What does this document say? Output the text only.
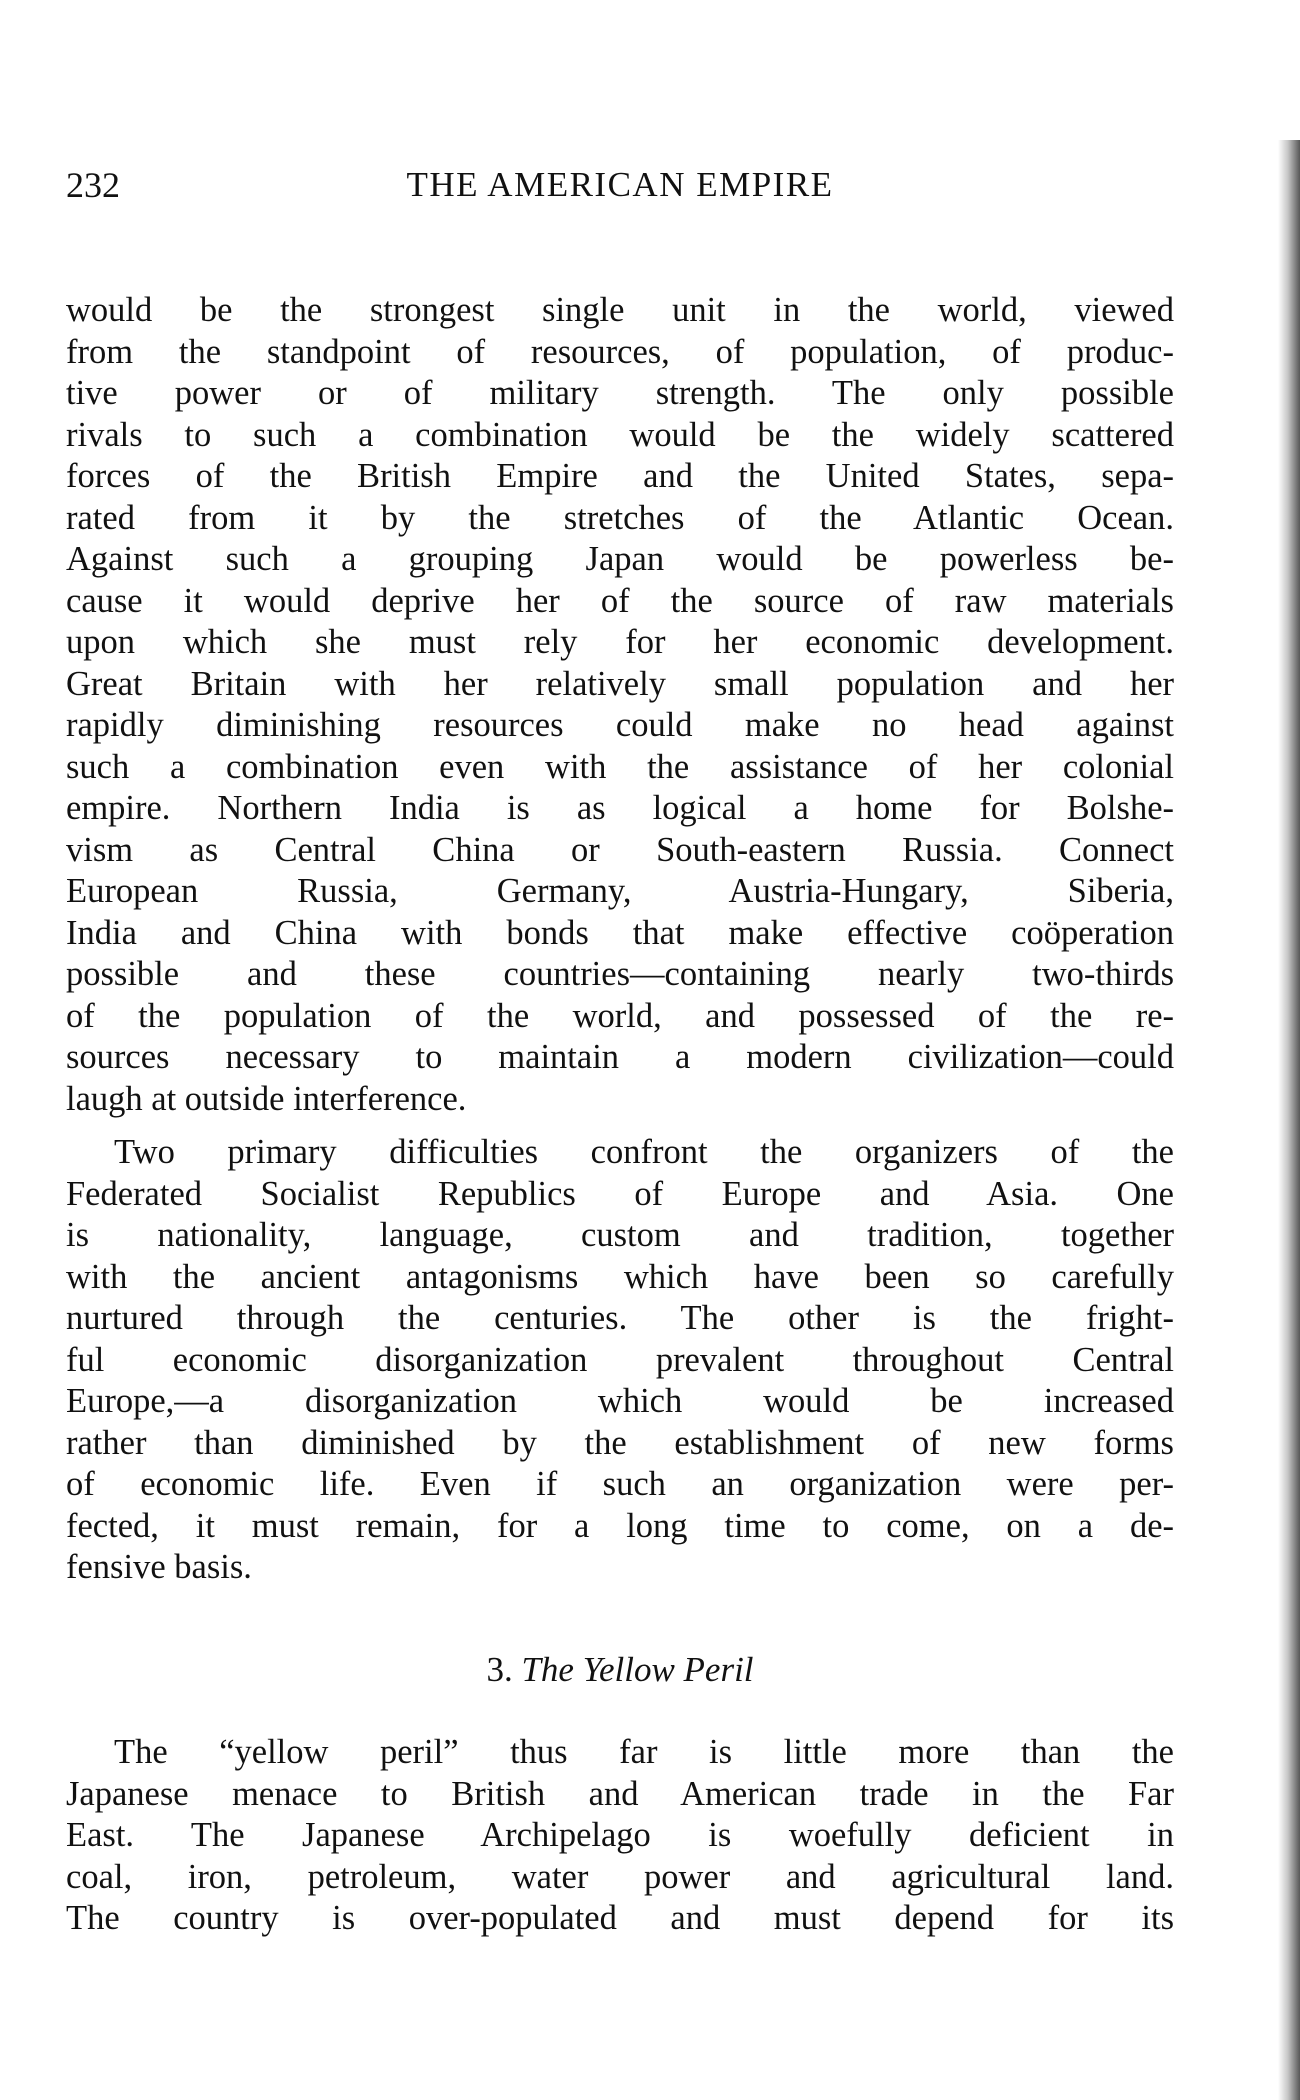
232	THE AMERICAN EMPIRE

would be the strongest single unit in the world, viewed
from the standpoint of resources, of population, of produc-
tive power or of military strength. The only possible
rivals to such a combination would be the widely scattered
forces of the British Empire and the United States, sepa-
rated from it by the stretches of the Atlantic Ocean.
Against such a grouping Japan would be powerless be-
cause it would deprive her of the source of raw materials
upon which she must rely for her economic development.
Great Britain with her relatively small population and her
rapidly diminishing resources could make no head against
such a combination even with the assistance of her colonial
empire. Northern India is as logical a home for Bolshe-
vism as Central China or South-eastern Russia. Connect
European Russia, Germany, Austria-Hungary, Siberia,
India and China with bonds that make effective coöperation
possible and these countries—containing nearly two-thirds
of the population of the world, and possessed of the re-
sources necessary to maintain a modern civilization—could
laugh at outside interference.

Two primary difficulties confront the organizers of the
Federated Socialist Republics of Europe and Asia. One
is nationality, language, custom and tradition, together
with the ancient antagonisms which have been so carefully
nurtured through the centuries. The other is the fright-
ful economic disorganization prevalent throughout Central
Europe,—a disorganization which would be increased
rather than diminished by the establishment of new forms
of economic life. Even if such an organization were per-
fected, it must remain, for a long time to come, on a de-
fensive basis.

3. The Yellow Peril

The “yellow peril” thus far is little more than the
Japanese menace to British and American trade in the Far
East. The Japanese Archipelago is woefully deficient in
coal, iron, petroleum, water power and agricultural land.
The country is over-populated and must depend for its
